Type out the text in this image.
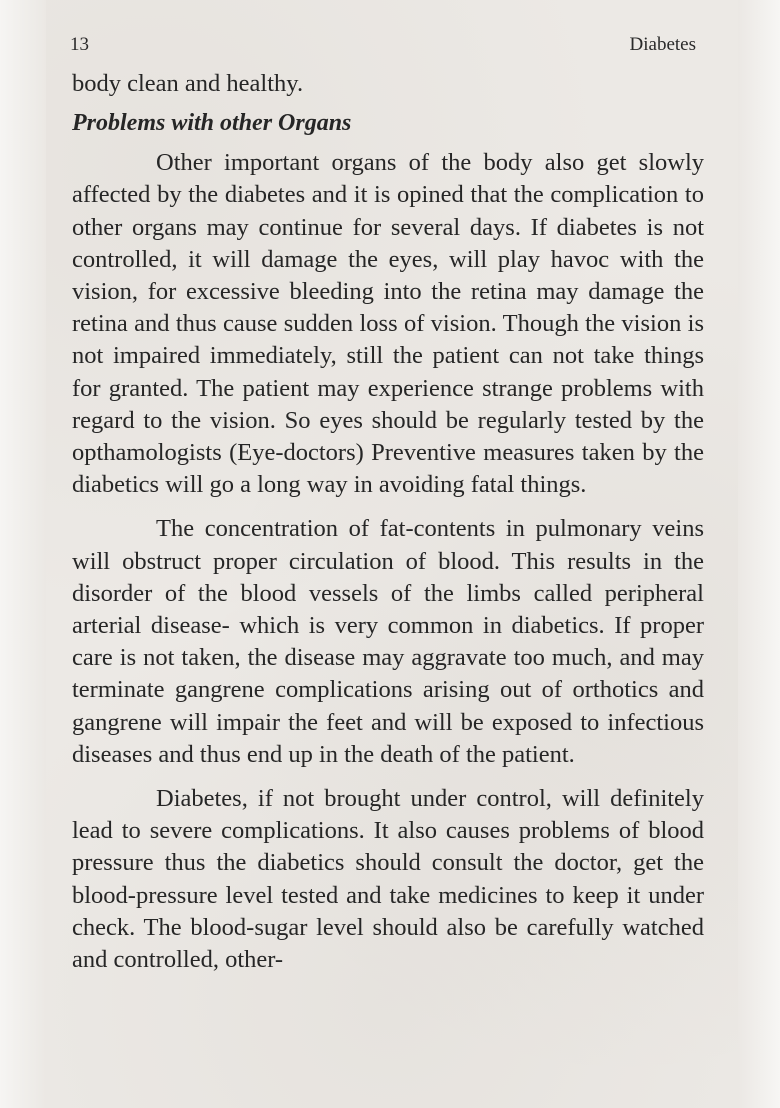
13	Diabetes

body clean and healthy.

Problems with other Organs

Other important organs of the body also get slowly affected by the diabetes and it is opined that the complication to other organs may continue for several days. If diabetes is not controlled, it will damage the eyes, will play havoc with the vision, for excessive bleeding into the retina may damage the retina and thus cause sudden loss of vision. Though the vision is not impaired immediately, still the patient can not take things for granted. The patient may experience strange problems with regard to the vision. So eyes should be regularly tested by the opthamologists (Eye-doctors) Preventive measures taken by the diabetics will go a long way in avoiding fatal things.

The concentration of fat-contents in pulmonary veins will obstruct proper circulation of blood. This results in the disorder of the blood vessels of the limbs called peripheral arterial disease- which is very common in diabetics. If proper care is not taken, the disease may aggravate too much, and may terminate gangrene complications arising out of orthotics and gangrene will impair the feet and will be exposed to infectious diseases and thus end up in the death of the patient.

Diabetes, if not brought under control, will definitely lead to severe complications. It also causes problems of blood pressure thus the diabetics should consult the doctor, get the blood-pressure level tested and take medicines to keep it under check. The blood-sugar level should also be carefully watched and controlled, other-
